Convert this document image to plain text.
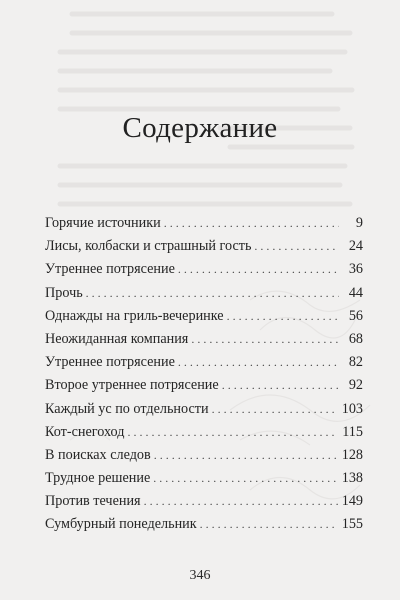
Содержание
Горячие источники . . .	9
Лисы, колбаски и страшный гость . . .	24
Утреннее потрясение . . .	36
Прочь . . .	44
Однажды на гриль-вечеринке . . .	56
Неожиданная компания . . .	68
Утреннее потрясение . . .	82
Второе утреннее потрясение . . .	92
Каждый ус по отдельности . . .	103
Кот-снегоход . . .	115
В поисках следов . . .	128
Трудное решение . . .	138
Против течения . . .	149
Сумбурный понедельник . . .	155
346
